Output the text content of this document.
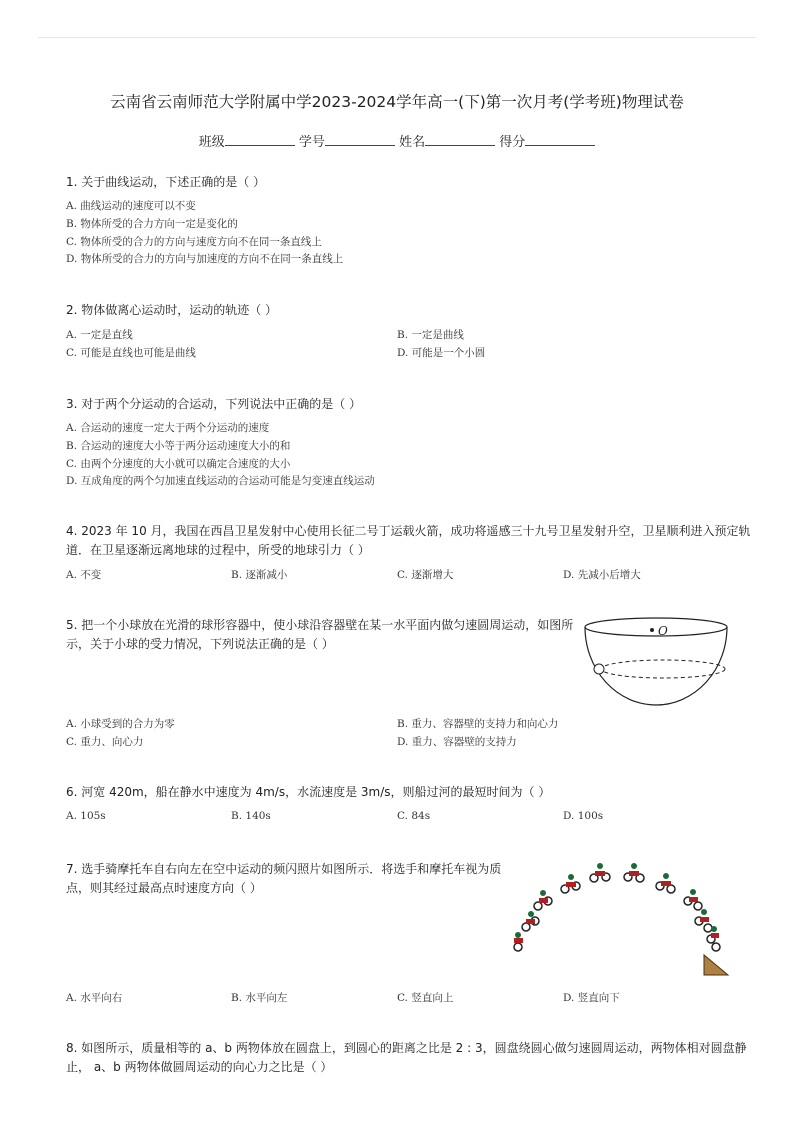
云南省云南师范大学附属中学2023-2024学年高一(下)第一次月考(学考班)物理试卷
班级	学号	姓名	得分
1. 关于曲线运动，下述正确的是（ ）
A. 曲线运动的速度可以不变
B. 物体所受的合力方向一定是变化的
C. 物体所受的合力的方向与速度方向不在同一条直线上
D. 物体所受的合力的方向与加速度的方向不在同一条直线上
2. 物体做离心运动时，运动的轨迹（ ）
A. 一定是直线	B. 一定是曲线
C. 可能是直线也可能是曲线	D. 可能是一个小圆
3. 对于两个分运动的合运动，下列说法中正确的是（ ）
A. 合运动的速度一定大于两个分运动的速度
B. 合运动的速度大小等于两分运动速度大小的和
C. 由两个分速度的大小就可以确定合速度的大小
D. 互成角度的两个匀加速直线运动的合运动可能是匀变速直线运动
4. 2023 年 10 月，我国在西昌卫星发射中心使用长征二号丁运载火箭，成功将遥感三十九号卫星发射升空，卫星顺利进入预定轨
道．在卫星逐渐远离地球的过程中，所受的地球引力（ ）
A. 不变	B. 逐渐减小	C. 逐渐增大	D. 先减小后增大
5. 把一个小球放在光滑的球形容器中，使小球沿容器壁在某一水平面内做匀速圆周运动，如图所
示，关于小球的受力情况，下列说法正确的是（ ）
O
A. 小球受到的合力为零	B. 重力、容器壁的支持力和向心力
C. 重力、向心力	D. 重力、容器壁的支持力
6. 河宽 420m，船在静水中速度为 4m/s，水流速度是 3m/s，则船过河的最短时间为（ ）
A. 105s	B. 140s	C. 84s	D. 100s
7. 选手骑摩托车自右向左在空中运动的频闪照片如图所示．将选手和摩托车视为质
点，则其经过最高点时速度方向（ ）
A. 水平向右	B. 水平向左	C. 竖直向上	D. 竖直向下
8. 如图所示，质量相等的 a、b 两物体放在圆盘上，到圆心的距离之比是 2 : 3，圆盘绕圆心做匀速圆周运动，两物体相对圆盘静
止， a、b 两物体做圆周运动的向心力之比是（ ）
